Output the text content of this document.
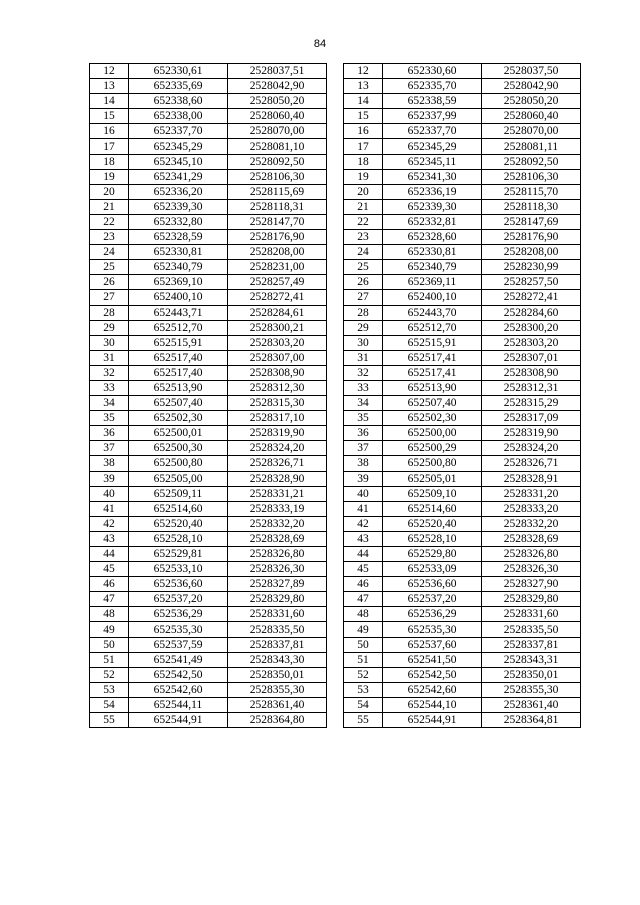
84
12	652330,61	2528037,51
13	652335,69	2528042,90
14	652338,60	2528050,20
15	652338,00	2528060,40
16	652337,70	2528070,00
17	652345,29	2528081,10
18	652345,10	2528092,50
19	652341,29	2528106,30
20	652336,20	2528115,69
21	652339,30	2528118,31
22	652332,80	2528147,70
23	652328,59	2528176,90
24	652330,81	2528208,00
25	652340,79	2528231,00
26	652369,10	2528257,49
27	652400,10	2528272,41
28	652443,71	2528284,61
29	652512,70	2528300,21
30	652515,91	2528303,20
31	652517,40	2528307,00
32	652517,40	2528308,90
33	652513,90	2528312,30
34	652507,40	2528315,30
35	652502,30	2528317,10
36	652500,01	2528319,90
37	652500,30	2528324,20
38	652500,80	2528326,71
39	652505,00	2528328,90
40	652509,11	2528331,21
41	652514,60	2528333,19
42	652520,40	2528332,20
43	652528,10	2528328,69
44	652529,81	2528326,80
45	652533,10	2528326,30
46	652536,60	2528327,89
47	652537,20	2528329,80
48	652536,29	2528331,60
49	652535,30	2528335,50
50	652537,59	2528337,81
51	652541,49	2528343,30
52	652542,50	2528350,01
53	652542,60	2528355,30
54	652544,11	2528361,40
55	652544,91	2528364,80
12	652330,60	2528037,50
13	652335,70	2528042,90
14	652338,59	2528050,20
15	652337,99	2528060,40
16	652337,70	2528070,00
17	652345,29	2528081,11
18	652345,11	2528092,50
19	652341,30	2528106,30
20	652336,19	2528115,70
21	652339,30	2528118,30
22	652332,81	2528147,69
23	652328,60	2528176,90
24	652330,81	2528208,00
25	652340,79	2528230,99
26	652369,11	2528257,50
27	652400,10	2528272,41
28	652443,70	2528284,60
29	652512,70	2528300,20
30	652515,91	2528303,20
31	652517,41	2528307,01
32	652517,41	2528308,90
33	652513,90	2528312,31
34	652507,40	2528315,29
35	652502,30	2528317,09
36	652500,00	2528319,90
37	652500,29	2528324,20
38	652500,80	2528326,71
39	652505,01	2528328,91
40	652509,10	2528331,20
41	652514,60	2528333,20
42	652520,40	2528332,20
43	652528,10	2528328,69
44	652529,80	2528326,80
45	652533,09	2528326,30
46	652536,60	2528327,90
47	652537,20	2528329,80
48	652536,29	2528331,60
49	652535,30	2528335,50
50	652537,60	2528337,81
51	652541,50	2528343,31
52	652542,50	2528350,01
53	652542,60	2528355,30
54	652544,10	2528361,40
55	652544,91	2528364,81
